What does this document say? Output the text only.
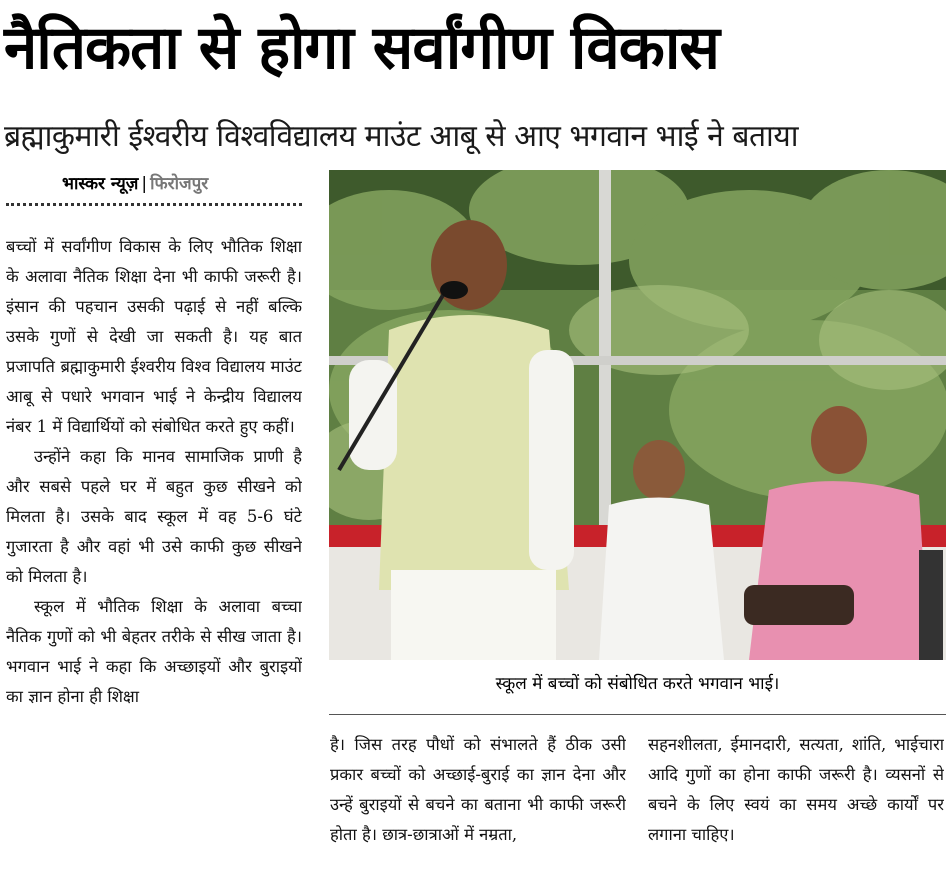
नैतिकता से होगा सर्वांगीण विकास
ब्रह्माकुमारी ईश्वरीय विश्वविद्यालय माउंट आबू से आए भगवान भाई ने बताया
भास्कर न्यूज़ | फिरोजपुर

बच्चों में सर्वांगीण विकास के लिए भौतिक शिक्षा के अलावा नैतिक शिक्षा देना भी काफी जरूरी है। इंसान की पहचान उसकी पढ़ाई से नहीं बल्कि उसके गुणों से देखी जा सकती है। यह बात प्रजापति ब्रह्माकुमारी ईश्वरीय विश्व विद्यालय माउंट आबू से पधारे भगवान भाई ने केन्द्रीय विद्यालय नंबर 1 में विद्यार्थियों को संबोधित करते हुए कहीं।

उन्होंने कहा कि मानव सामाजिक प्राणी है और सबसे पहले घर में बहुत कुछ सीखने को मिलता है। उसके बाद स्कूल में वह 5-6 घंटे गुजारता है और वहां भी उसे काफी कुछ सीखने को मिलता है।

स्कूल में भौतिक शिक्षा के अलावा बच्चा नैतिक गुणों को भी बेहतर तरीके से सीख जाता है। भगवान भाई ने कहा कि अच्छाइयों और बुराइयों का ज्ञान होना ही शिक्षा

स्कूल में बच्चों को संबोधित करते भगवान भाई।

है। जिस तरह पौधों को संभालते हैं ठीक उसी प्रकार बच्चों को अच्छाई-बुराई का ज्ञान देना और उन्हें बुराइयों से बचने का बताना भी काफी जरूरी होता है। छात्र-छात्राओं में नम्रता,

सहनशीलता, ईमानदारी, सत्यता, शांति, भाईचारा आदि गुणों का होना काफी जरूरी है। व्यसनों से बचने के लिए स्वयं का समय अच्छे कार्यों पर लगाना चाहिए।
